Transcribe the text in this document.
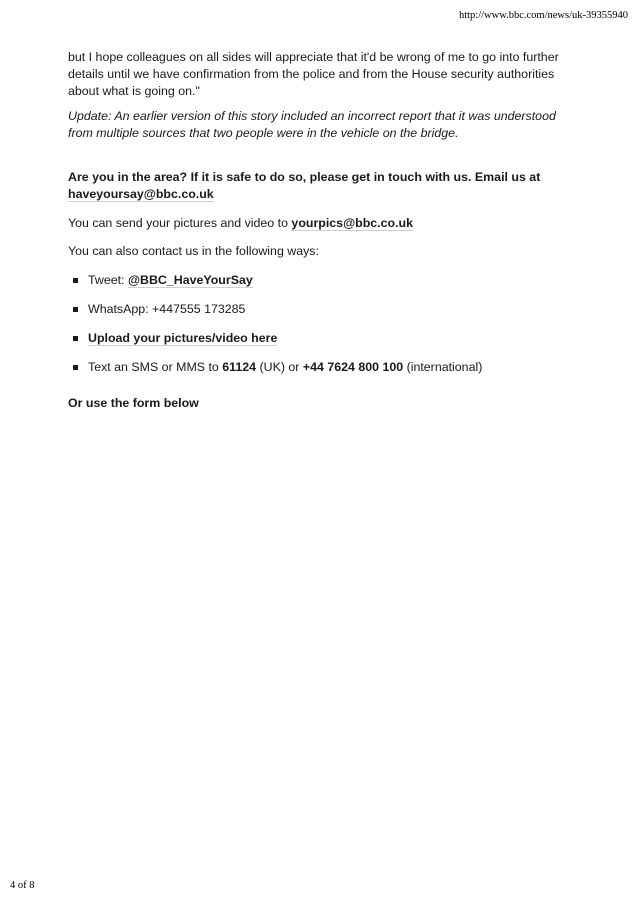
http://www.bbc.com/news/uk-39355940

but I hope colleagues on all sides will appreciate that it'd be wrong of me to go into further
details until we have confirmation from the police and from the House security authorities
about what is going on."

Update: An earlier version of this story included an incorrect report that it was understood
from multiple sources that two people were in the vehicle on the bridge.

Are you in the area? If it is safe to do so, please get in touch with us. Email us at
haveyoursay@bbc.co.uk

You can send your pictures and video to yourpics@bbc.co.uk

You can also contact us in the following ways:

Tweet: @BBC_HaveYourSay
WhatsApp: +447555 173285
Upload your pictures/video here
Text an SMS or MMS to 61124 (UK) or +44 7624 800 100 (international)

Or use the form below

4 of 8
